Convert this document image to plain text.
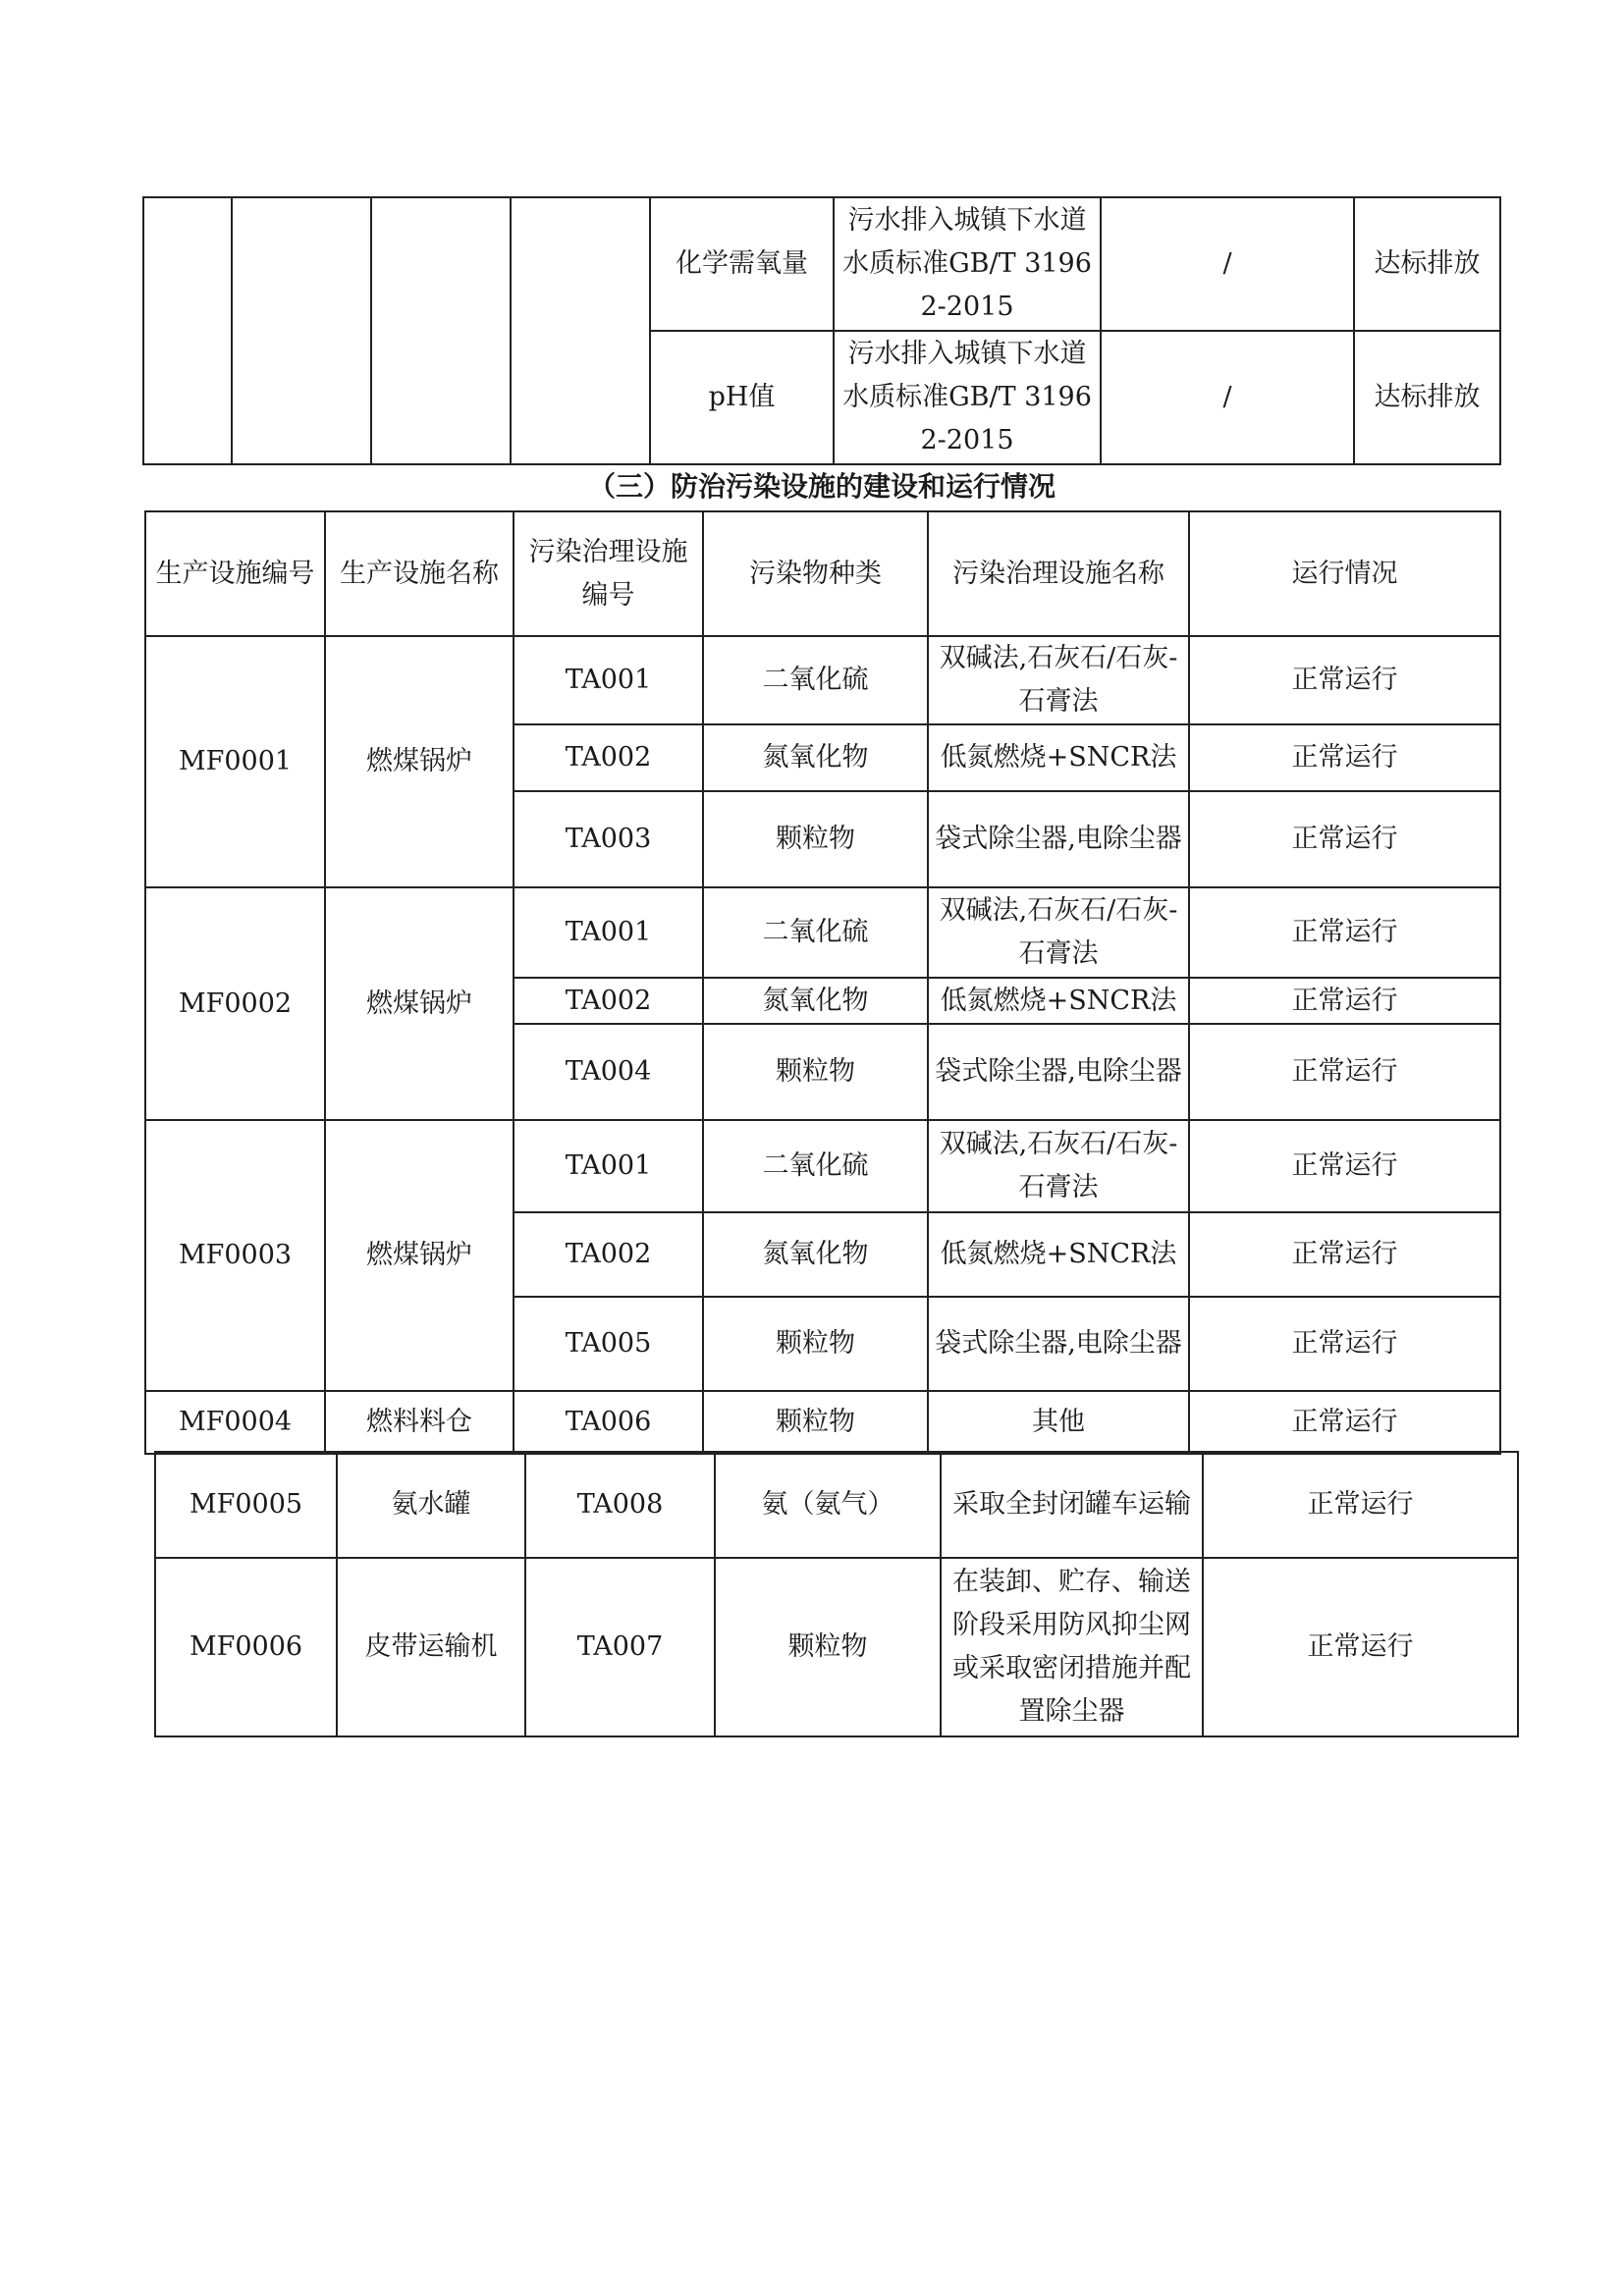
				化学需氧量	污水排入城镇下水道水质标准GB/T 31962-2015	/	达标排放
				pH值	污水排入城镇下水道水质标准GB/T 31962-2015	/	达标排放
（三）防治污染设施的建设和运行情况
生产设施编号	生产设施名称	污染治理设施编号	污染物种类	污染治理设施名称	运行情况
MF0001	燃煤锅炉	TA001	二氧化硫	双碱法,石灰石/石灰-石膏法	正常运行
		TA002	氮氧化物	低氮燃烧+SNCR法	正常运行
		TA003	颗粒物	袋式除尘器,电除尘器	正常运行
MF0002	燃煤锅炉	TA001	二氧化硫	双碱法,石灰石/石灰-石膏法	正常运行
		TA002	氮氧化物	低氮燃烧+SNCR法	正常运行
		TA004	颗粒物	袋式除尘器,电除尘器	正常运行
MF0003	燃煤锅炉	TA001	二氧化硫	双碱法,石灰石/石灰-石膏法	正常运行
		TA002	氮氧化物	低氮燃烧+SNCR法	正常运行
		TA005	颗粒物	袋式除尘器,电除尘器	正常运行
MF0004	燃料料仓	TA006	颗粒物	其他	正常运行
MF0005	氨水罐	TA008	氨（氨气）	采取全封闭罐车运输	正常运行
MF0006	皮带运输机	TA007	颗粒物	在装卸、贮存、输送阶段采用防风抑尘网或采取密闭措施并配置除尘器	正常运行
